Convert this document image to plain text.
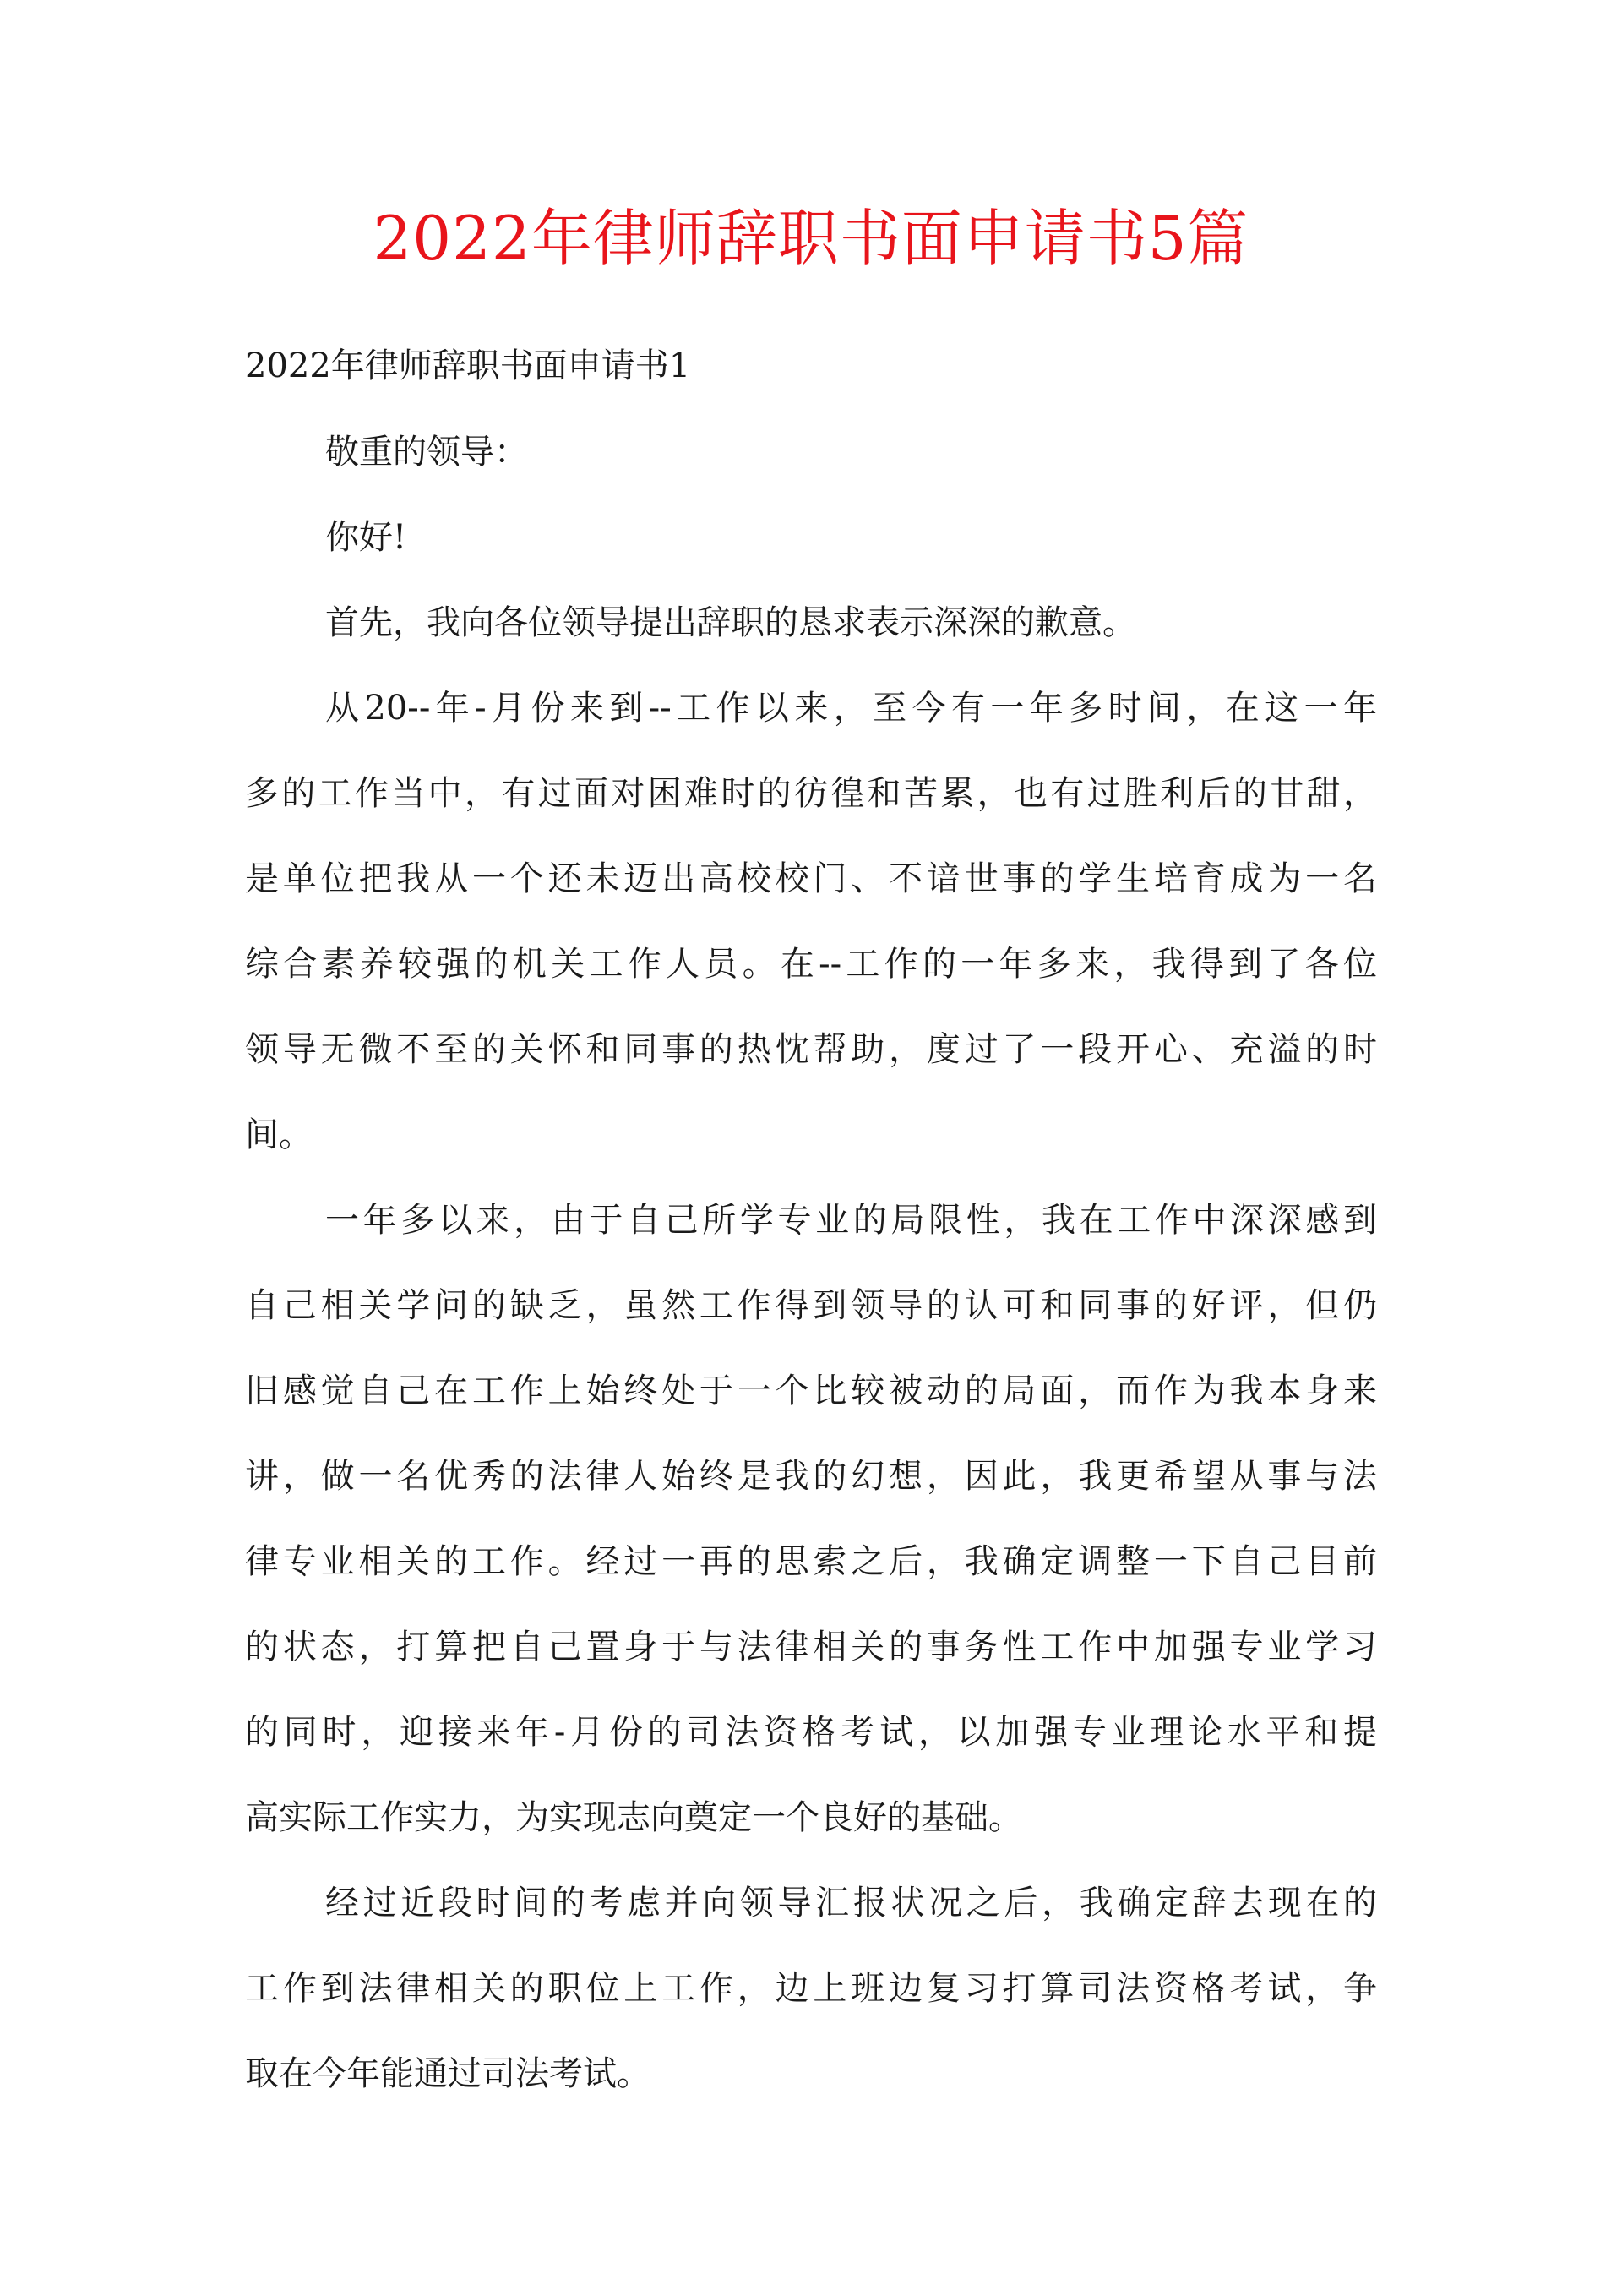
2022年律师辞职书面申请书5篇
2022年律师辞职书面申请书1
敬重的领导：
你好!
首先，我向各位领导提出辞职的恳求表示深深的歉意。
从20--年-月份来到--工作以来，至今有一年多时间，在这一年
多的工作当中，有过面对困难时的彷徨和苦累，也有过胜利后的甘甜，
是单位把我从一个还未迈出高校校门、不谙世事的学生培育成为一名
综合素养较强的机关工作人员。在--工作的一年多来，我得到了各位
领导无微不至的关怀和同事的热忱帮助，度过了一段开心、充溢的时
间。
一年多以来，由于自己所学专业的局限性，我在工作中深深感到
自己相关学问的缺乏，虽然工作得到领导的认可和同事的好评，但仍
旧感觉自己在工作上始终处于一个比较被动的局面，而作为我本身来
讲，做一名优秀的法律人始终是我的幻想，因此，我更希望从事与法
律专业相关的工作。经过一再的思索之后，我确定调整一下自己目前
的状态，打算把自己置身于与法律相关的事务性工作中加强专业学习
的同时，迎接来年-月份的司法资格考试，以加强专业理论水平和提
高实际工作实力，为实现志向奠定一个良好的基础。
经过近段时间的考虑并向领导汇报状况之后，我确定辞去现在的
工作到法律相关的职位上工作，边上班边复习打算司法资格考试，争
取在今年能通过司法考试。
